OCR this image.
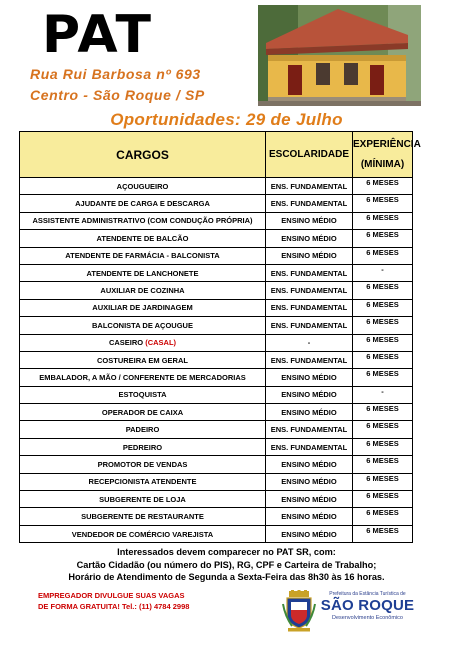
PAT
Rua Rui Barbosa nº 693
Centro - São Roque / SP
Oportunidades: 29 de Julho
CARGOS	ESCOLARIDADE	EXPERIÊNCIA
(MÍNIMA)

AÇOUGUEIRO	ENS. FUNDAMENTAL	6 MESES
AJUDANTE DE CARGA E DESCARGA	ENS. FUNDAMENTAL	6 MESES
ASSISTENTE ADMINISTRATIVO (COM CONDUÇÃO PRÓPRIA)	ENSINO MÉDIO	6 MESES
ATENDENTE DE BALCÃO	ENSINO MÉDIO	6 MESES
ATENDENTE DE FARMÁCIA - BALCONISTA	ENSINO MÉDIO	6 MESES
ATENDENTE DE LANCHONETE	ENS. FUNDAMENTAL	-
AUXILIAR DE COZINHA	ENS. FUNDAMENTAL	6 MESES
AUXILIAR DE JARDINAGEM	ENS. FUNDAMENTAL	6 MESES
BALCONISTA DE AÇOUGUE	ENS. FUNDAMENTAL	6 MESES
CASEIRO (CASAL)	-	6 MESES
COSTUREIRA EM GERAL	ENS. FUNDAMENTAL	6 MESES
EMBALADOR, A MÃO / CONFERENTE DE MERCADORIAS	ENSINO MÉDIO	6 MESES
ESTOQUISTA	ENSINO MÉDIO	-
OPERADOR DE CAIXA	ENSINO MÉDIO	6 MESES
PADEIRO	ENS. FUNDAMENTAL	6 MESES
PEDREIRO	ENS. FUNDAMENTAL	6 MESES
PROMOTOR DE VENDAS	ENSINO MÉDIO	6 MESES
RECEPCIONISTA ATENDENTE	ENSINO MÉDIO	6 MESES
SUBGERENTE DE LOJA	ENSINO MÉDIO	6 MESES
SUBGERENTE DE RESTAURANTE	ENSINO MÉDIO	6 MESES
VENDEDOR DE COMÉRCIO VAREJISTA	ENSINO MÉDIO	6 MESES
Interessados devem comparecer no PAT SR, com:
Cartão Cidadão (ou número do PIS), RG, CPF e Carteira de Trabalho;
Horário de Atendimento de Segunda a Sexta-Feira das 8h30 às 16 horas.
EMPREGADOR DIVULGUE SUAS VAGAS
DE FORMA GRATUITA! Tel.: (11) 4784 2998
Prefeitura da Estância Turística de
SÃO ROQUE
Desenvolvimento Econômico
